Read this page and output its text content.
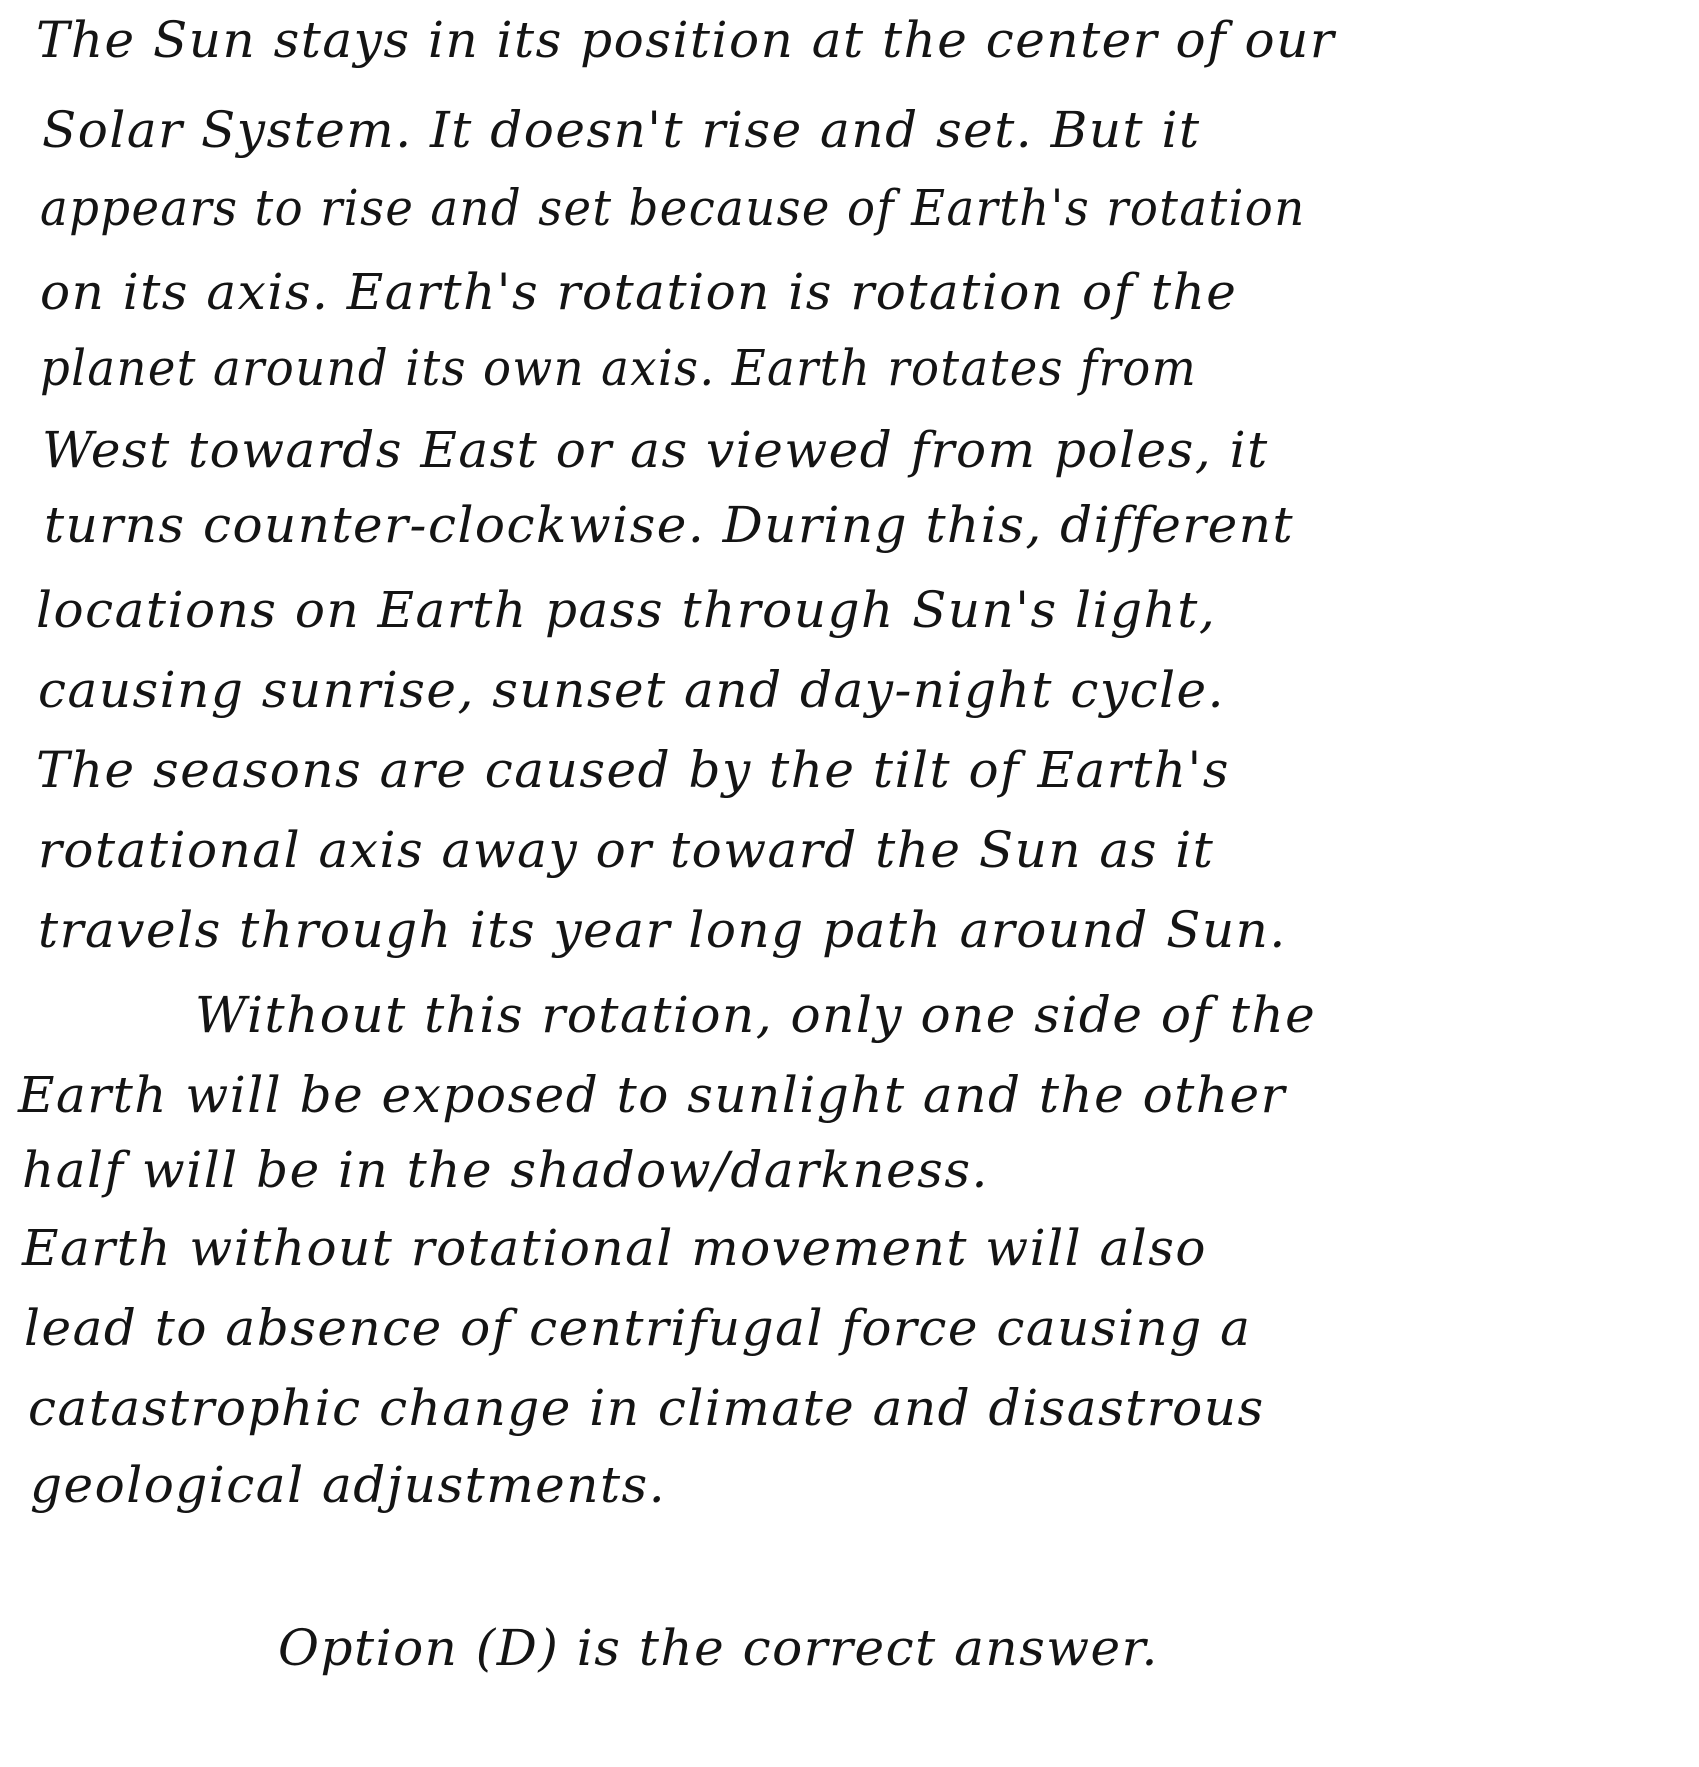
The Sun stays in its position at the center of our
Solar System. It doesn't rise and set. But it
appears to rise and set because of Earth's rotation
on its axis. Earth's rotation is rotation of the
planet around its own axis. Earth rotates from
West towards East or as viewed from poles, it
turns counter-clockwise. During this, different
locations on Earth pass through Sun's light,
causing sunrise, sunset and day-night cycle.
The seasons are caused by the tilt of Earth's
rotational axis away or toward the Sun as it
travels through its year long path around Sun.
Without this rotation, only one side of the
Earth will be exposed to sunlight and the other
half will be in the shadow/darkness.
Earth without rotational movement will also
lead to absence of centrifugal force causing a
catastrophic change in climate and disastrous
geological adjustments.
Option (D) is the correct answer.
